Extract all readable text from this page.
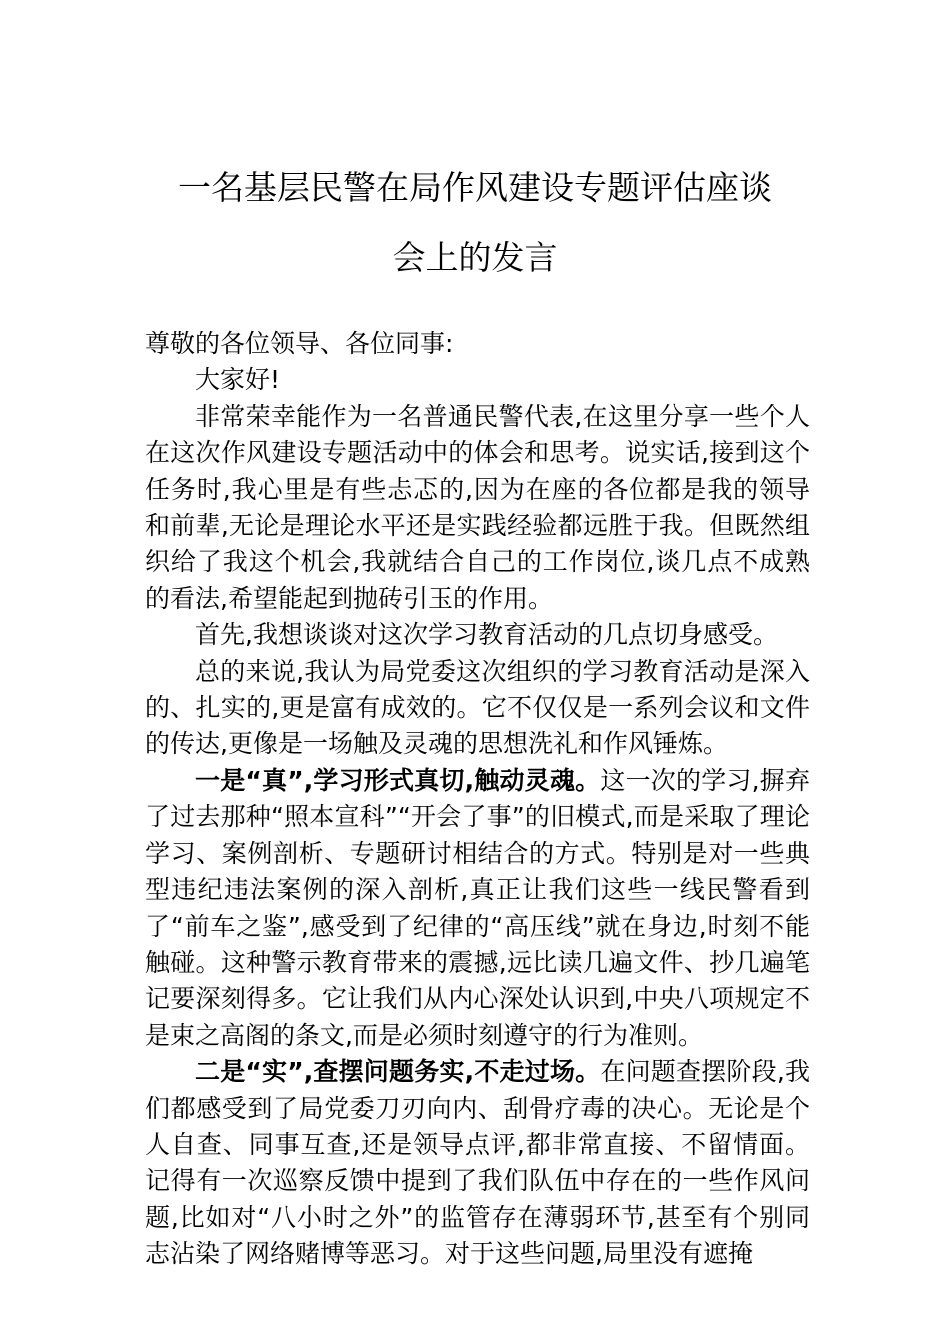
一名基层民警在局作风建设专题评估座谈
会上的发言

尊敬的各位领导、各位同事:

大家好!

非常荣幸能作为一名普通民警代表,在这里分享一些个人在这次作风建设专题活动中的体会和思考。说实话,接到这个任务时,我心里是有些忐忑的,因为在座的各位都是我的领导和前辈,无论是理论水平还是实践经验都远胜于我。但既然组织给了我这个机会,我就结合自己的工作岗位,谈几点不成熟的看法,希望能起到抛砖引玉的作用。

首先,我想谈谈对这次学习教育活动的几点切身感受。

总的来说,我认为局党委这次组织的学习教育活动是深入的、扎实的,更是富有成效的。它不仅仅是一系列会议和文件的传达,更像是一场触及灵魂的思想洗礼和作风锤炼。

一是“真”,学习形式真切,触动灵魂。这一次的学习,摒弃了过去那种“照本宣科”“开会了事”的旧模式,而是采取了理论学习、案例剖析、专题研讨相结合的方式。特别是对一些典型违纪违法案例的深入剖析,真正让我们这些一线民警看到了“前车之鉴”,感受到了纪律的“高压线”就在身边,时刻不能触碰。这种警示教育带来的震撼,远比读几遍文件、抄几遍笔记要深刻得多。它让我们从内心深处认识到,中央八项规定不是束之高阁的条文,而是必须时刻遵守的行为准则。

二是“实”,查摆问题务实,不走过场。在问题查摆阶段,我们都感受到了局党委刀刃向内、刮骨疗毒的决心。无论是个人自查、同事互查,还是领导点评,都非常直接、不留情面。记得有一次巡察反馈中提到了我们队伍中存在的一些作风问题,比如对“八小时之外”的监管存在薄弱环节,甚至有个别同志沾染了网络赌博等恶习。对于这些问题,局里没有遮掩
